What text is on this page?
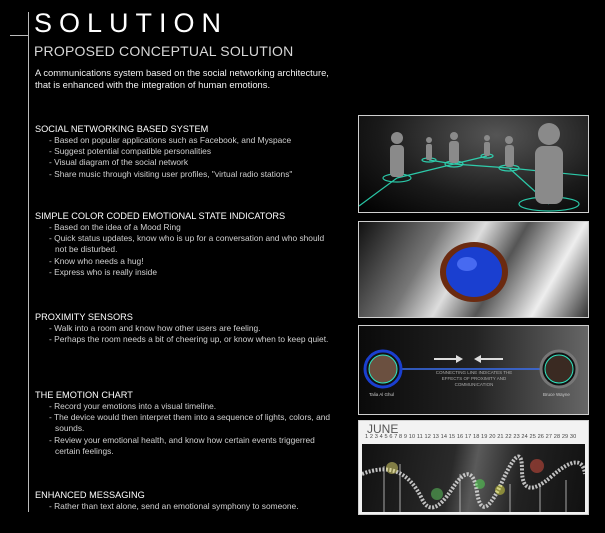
SOLUTION
PROPOSED CONCEPTUAL SOLUTION
A communications system based on the social networking architecture, that is enhanced with the integration of human emotions.
SOCIAL NETWORKING BASED SYSTEM
- Based on popular applications such as Facebook, and Myspace
- Suggest potential compatible personalities
- Visual diagram of the social network
- Share music through visiting user profiles, "virtual radio stations"
SIMPLE COLOR CODED EMOTIONAL STATE INDICATORS
- Based on the idea of a Mood Ring
- Quick status updates, know who is up for a conversation and who should not be disturbed.
- Know who needs a hug!
- Express who is really inside
PROXIMITY SENSORS
- Walk into a room and know how other users are feeling.
- Perhaps the room needs a bit of cheering up, or know when to keep quiet.
THE EMOTION CHART
- Record your emotions into a visual timeline.
- The device would then interpret them into a sequence of lights, colors, and sounds.
- Review your emotional health, and know how certain events triggerred certain feelings.
ENHANCED MESSAGING
- Rather than text alone, send an emotional symphony to someone.
CONNECTING LINE INDICATES THE EFFECTS OF PROXIMITY AND COMMUNICATION
Talia Al Ghul	Bruce Wayne
JUNE
1 2 3 4 5 6 7 8 9 10 11 12 13 14 15 16 17 18 19 20 21 22 23 24 25 26 27 28 29 30
